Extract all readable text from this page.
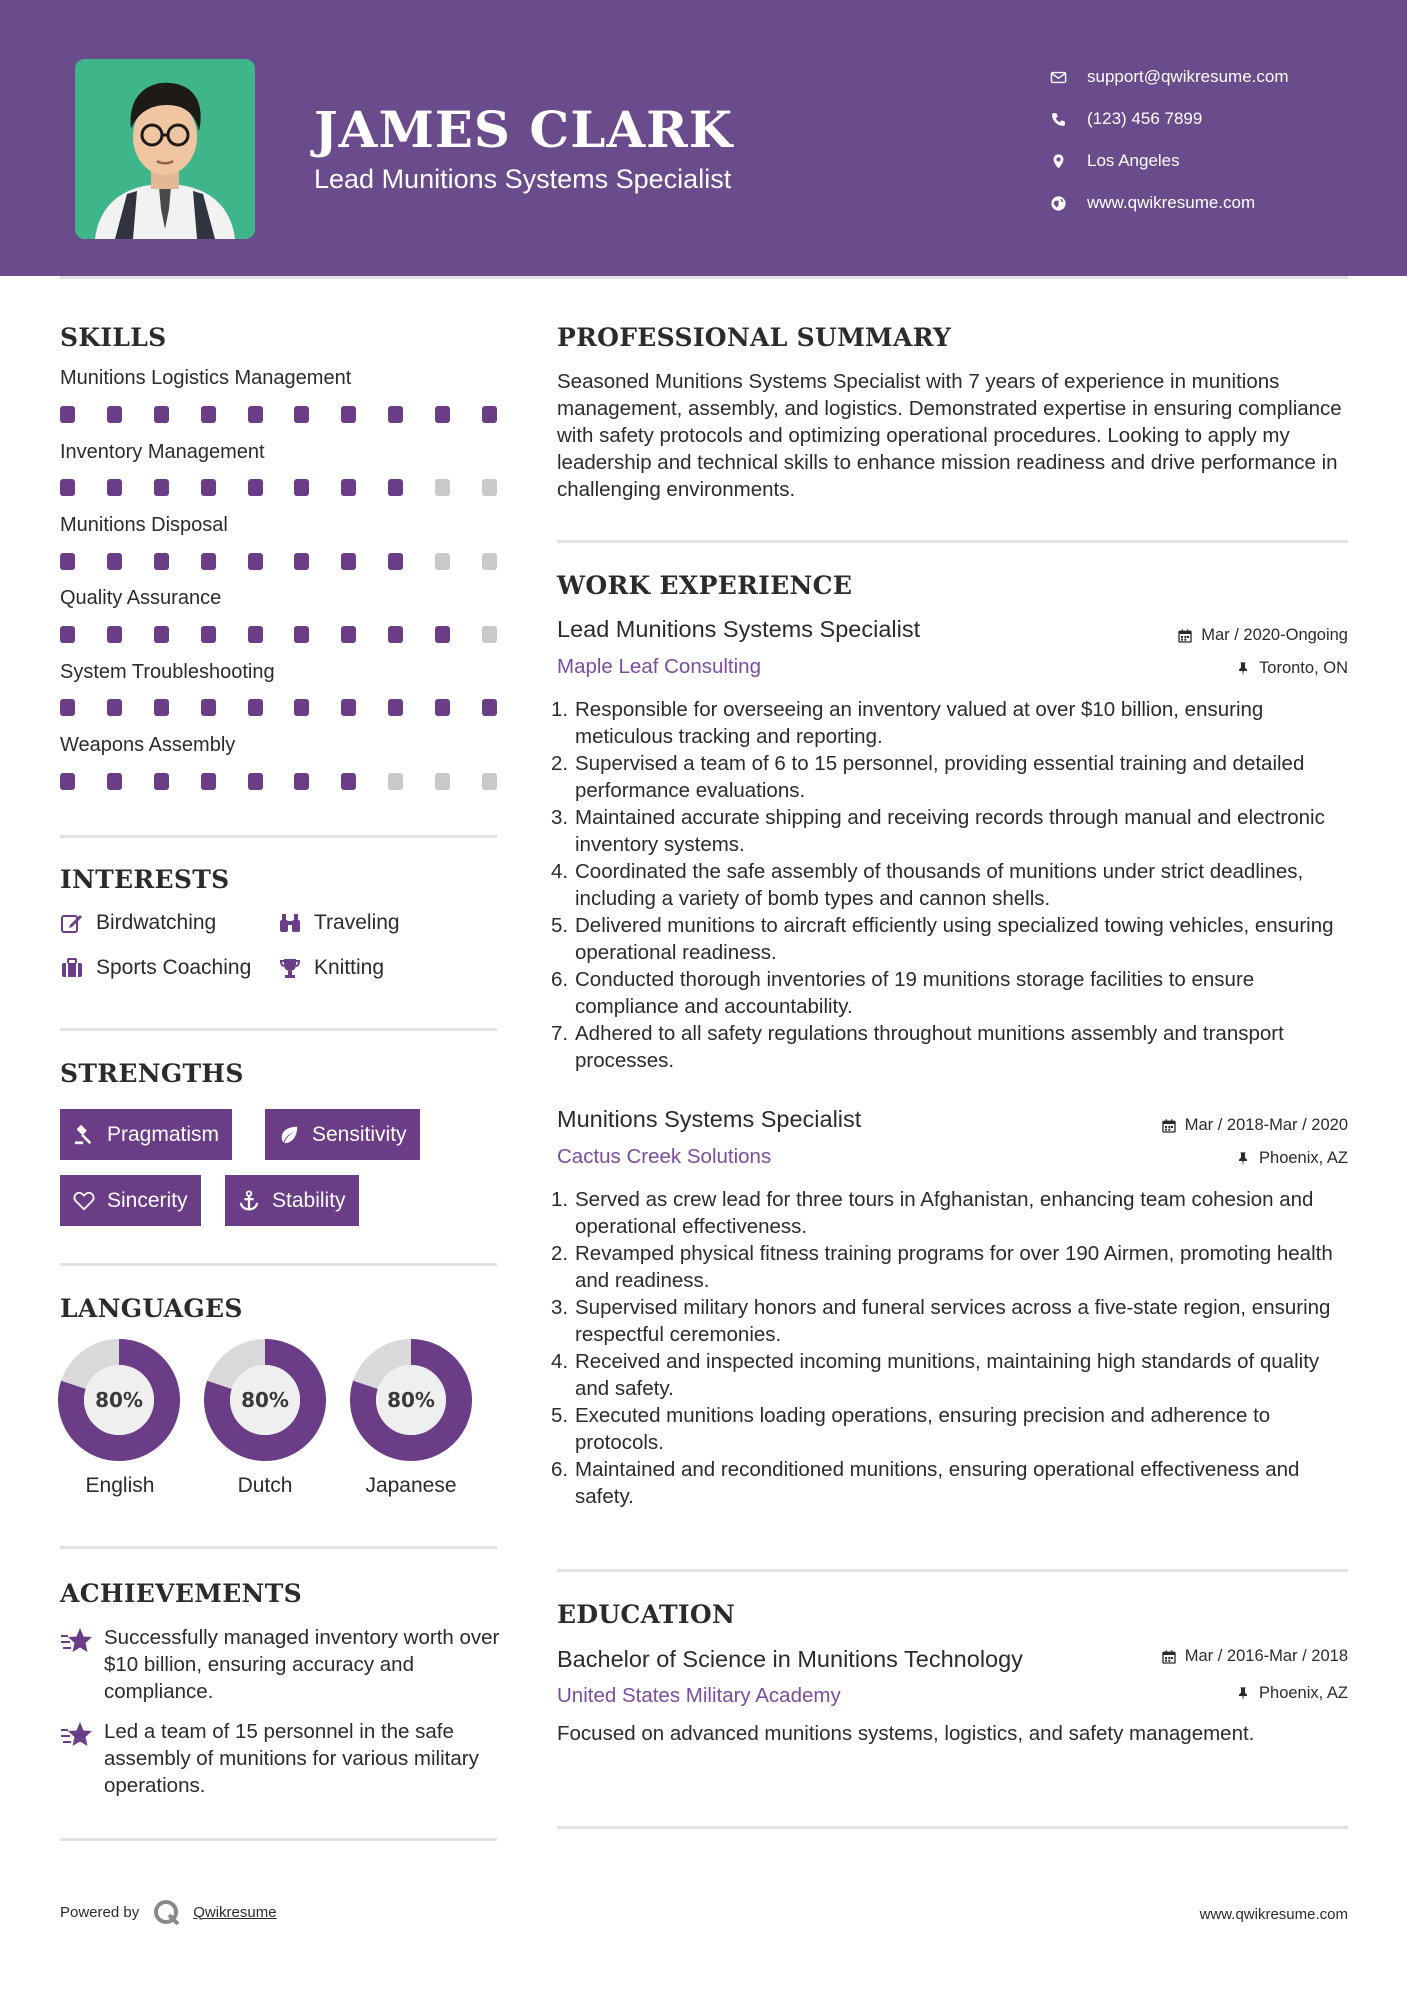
JAMES CLARK
Lead Munitions Systems Specialist
support@qwikresume.com
(123) 456 7899
Los Angeles
www.qwikresume.com
SKILLS
Munitions Logistics Management
Inventory Management
Munitions Disposal
Quality Assurance
System Troubleshooting
Weapons Assembly
INTERESTS
Birdwatching	Traveling
Sports Coaching	Knitting
STRENGTHS
Pragmatism	Sensitivity
Sincerity	Stability
LANGUAGES
80%	80%	80%
English	Dutch	Japanese
ACHIEVEMENTS
Successfully managed inventory worth over $10 billion, ensuring accuracy and compliance.
Led a team of 15 personnel in the safe assembly of munitions for various military operations.
PROFESSIONAL SUMMARY
Seasoned Munitions Systems Specialist with 7 years of experience in munitions management, assembly, and logistics. Demonstrated expertise in ensuring compliance with safety protocols and optimizing operational procedures. Looking to apply my leadership and technical skills to enhance mission readiness and drive performance in challenging environments.
WORK EXPERIENCE
Lead Munitions Systems Specialist	Mar / 2020-Ongoing
Maple Leaf Consulting	Toronto, ON
1. Responsible for overseeing an inventory valued at over $10 billion, ensuring meticulous tracking and reporting.
2. Supervised a team of 6 to 15 personnel, providing essential training and detailed performance evaluations.
3. Maintained accurate shipping and receiving records through manual and electronic inventory systems.
4. Coordinated the safe assembly of thousands of munitions under strict deadlines, including a variety of bomb types and cannon shells.
5. Delivered munitions to aircraft efficiently using specialized towing vehicles, ensuring operational readiness.
6. Conducted thorough inventories of 19 munitions storage facilities to ensure compliance and accountability.
7. Adhered to all safety regulations throughout munitions assembly and transport processes.
Munitions Systems Specialist	Mar / 2018-Mar / 2020
Cactus Creek Solutions	Phoenix, AZ
1. Served as crew lead for three tours in Afghanistan, enhancing team cohesion and operational effectiveness.
2. Revamped physical fitness training programs for over 190 Airmen, promoting health and readiness.
3. Supervised military honors and funeral services across a five-state region, ensuring respectful ceremonies.
4. Received and inspected incoming munitions, maintaining high standards of quality and safety.
5. Executed munitions loading operations, ensuring precision and adherence to protocols.
6. Maintained and reconditioned munitions, ensuring operational effectiveness and safety.
EDUCATION
Bachelor of Science in Munitions Technology	Mar / 2016-Mar / 2018
United States Military Academy	Phoenix, AZ
Focused on advanced munitions systems, logistics, and safety management.
Powered by	Qwikresume	www.qwikresume.com
